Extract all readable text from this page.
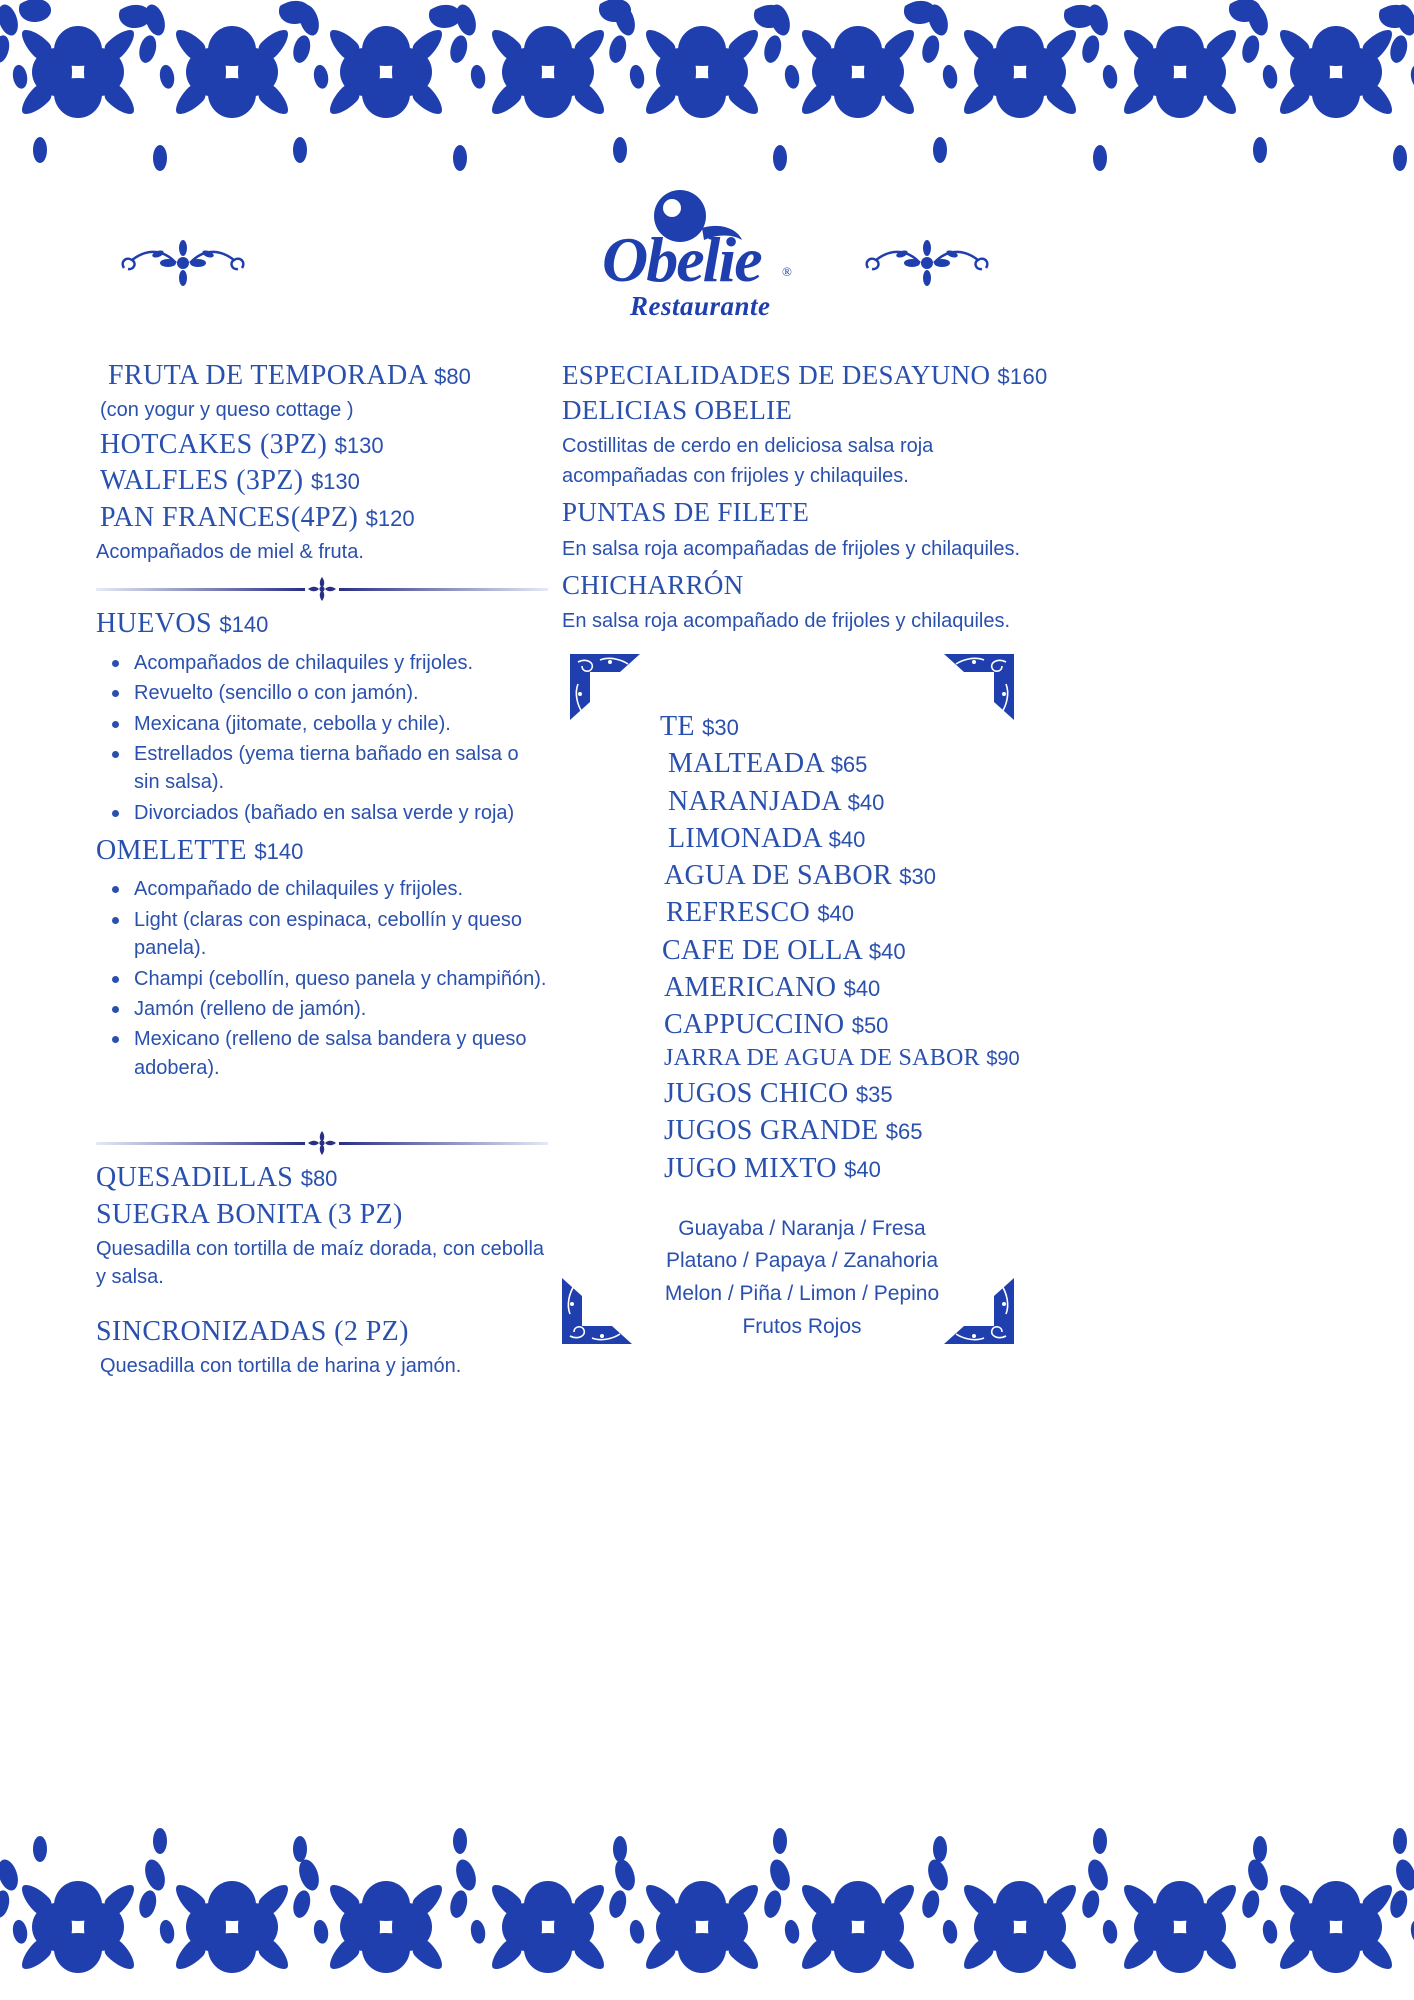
Obelie ®
Restaurante
FRUTA DE TEMPORADA $80
(con yogur y queso cottage )
HOTCAKES (3PZ) $130
WALFLES (3PZ) $130
PAN FRANCES(4PZ) $120
Acompañados de miel & fruta.
HUEVOS $140
Acompañados de chilaquiles y frijoles.
Revuelto (sencillo o con jamón).
Mexicana (jitomate, cebolla y chile).
Estrellados (yema tierna bañado en salsa o sin salsa).
Divorciados (bañado en salsa verde y roja)
OMELETTE $140
Acompañado de chilaquiles y frijoles.
Light (claras con espinaca, cebollín y queso panela).
Champi (cebollín, queso panela y champiñón).
Jamón (relleno de jamón).
Mexicano (relleno de salsa bandera y queso adobera).
QUESADILLAS $80
SUEGRA BONITA (3 PZ)
Quesadilla con tortilla de maíz dorada, con cebolla y salsa.
SINCRONIZADAS (2 PZ)
Quesadilla con tortilla de harina y jamón.
ESPECIALIDADES DE DESAYUNO $160
DELICIAS OBELIE
Costillitas de cerdo en deliciosa salsa roja acompañadas con frijoles y chilaquiles.
PUNTAS DE FILETE
En salsa roja acompañadas de frijoles y chilaquiles.
CHICHARRÓN
En salsa roja acompañado de frijoles y chilaquiles.
TE $30
MALTEADA $65
NARANJADA $40
LIMONADA $40
AGUA DE SABOR $30
REFRESCO $40
CAFE DE OLLA $40
AMERICANO $40
CAPPUCCINO $50
JARRA DE AGUA DE SABOR $90
JUGOS CHICO $35
JUGOS GRANDE $65
JUGO MIXTO $40
Guayaba / Naranja / Fresa
Platano / Papaya / Zanahoria
Melon / Piña / Limon / Pepino
Frutos Rojos
